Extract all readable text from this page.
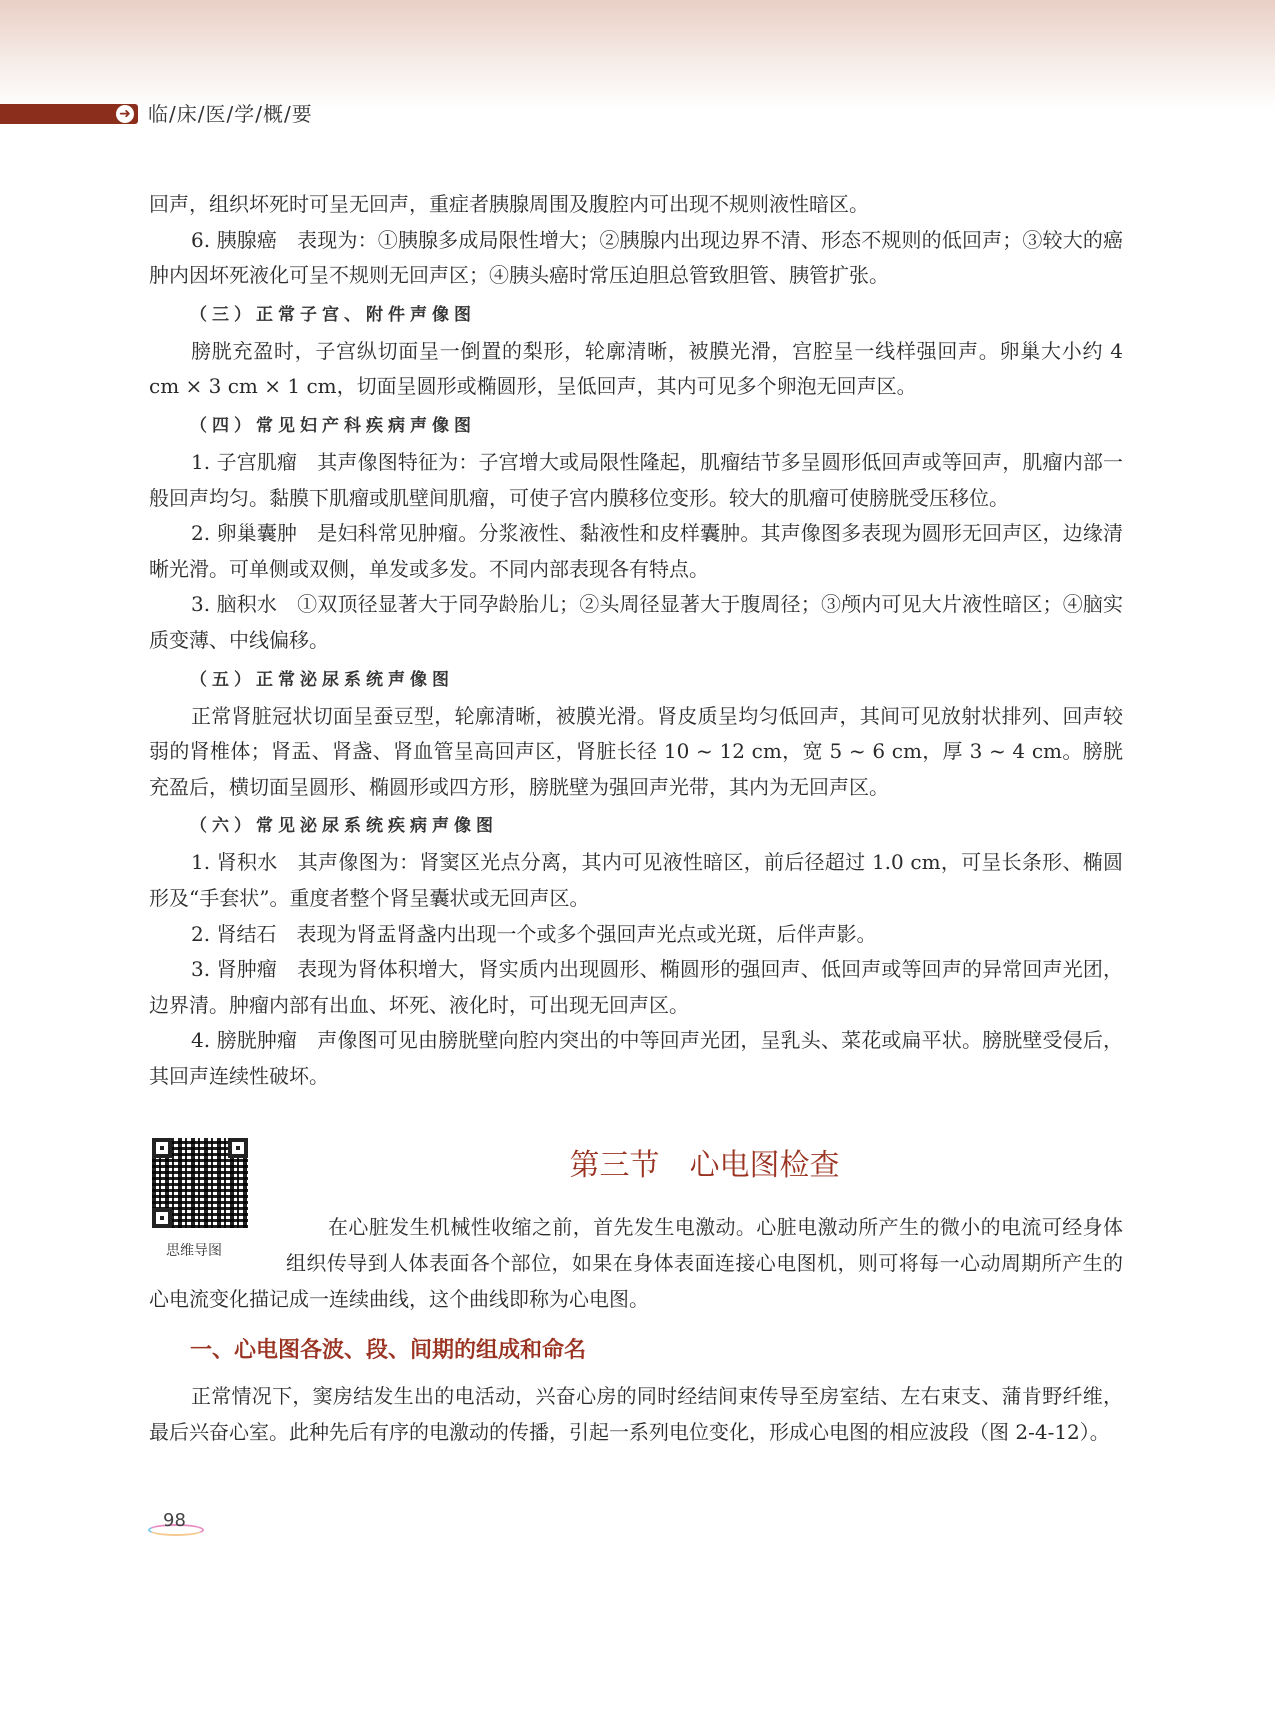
➜ 临/床/医/学/概/要

回声，组织坏死时可呈无回声，重症者胰腺周围及腹腔内可出现不规则液性暗区。

6. 胰腺癌　表现为：①胰腺多成局限性增大；②胰腺内出现边界不清、形态不规则的低回声；③较大的癌肿内因坏死液化可呈不规则无回声区；④胰头癌时常压迫胆总管致胆管、胰管扩张。

（三）正常子宫、附件声像图

膀胱充盈时，子宫纵切面呈一倒置的梨形，轮廓清晰，被膜光滑，宫腔呈一线样强回声。卵巢大小约 4 cm × 3 cm × 1 cm，切面呈圆形或椭圆形，呈低回声，其内可见多个卵泡无回声区。

（四）常见妇产科疾病声像图

1. 子宫肌瘤　其声像图特征为：子宫增大或局限性隆起，肌瘤结节多呈圆形低回声或等回声，肌瘤内部一般回声均匀。黏膜下肌瘤或肌壁间肌瘤，可使子宫内膜移位变形。较大的肌瘤可使膀胱受压移位。

2. 卵巢囊肿　是妇科常见肿瘤。分浆液性、黏液性和皮样囊肿。其声像图多表现为圆形无回声区，边缘清晰光滑。可单侧或双侧，单发或多发。不同内部表现各有特点。

3. 脑积水　①双顶径显著大于同孕龄胎儿；②头周径显著大于腹周径；③颅内可见大片液性暗区；④脑实质变薄、中线偏移。

（五）正常泌尿系统声像图

正常肾脏冠状切面呈蚕豆型，轮廓清晰，被膜光滑。肾皮质呈均匀低回声，其间可见放射状排列、回声较弱的肾椎体；肾盂、肾盏、肾血管呈高回声区，肾脏长径 10 ~ 12 cm，宽 5 ~ 6 cm，厚 3 ~ 4 cm。膀胱充盈后，横切面呈圆形、椭圆形或四方形，膀胱壁为强回声光带，其内为无回声区。

（六）常见泌尿系统疾病声像图

1. 肾积水　其声像图为：肾窦区光点分离，其内可见液性暗区，前后径超过 1.0 cm，可呈长条形、椭圆形及“手套状”。重度者整个肾呈囊状或无回声区。

2. 肾结石　表现为肾盂肾盏内出现一个或多个强回声光点或光斑，后伴声影。

3. 肾肿瘤　表现为肾体积增大，肾实质内出现圆形、椭圆形的强回声、低回声或等回声的异常回声光团，边界清。肿瘤内部有出血、坏死、液化时，可出现无回声区。

4. 膀胱肿瘤　声像图可见由膀胱壁向腔内突出的中等回声光团，呈乳头、菜花或扁平状。膀胱壁受侵后，其回声连续性破坏。

思维导图
第三节　心电图检查

在心脏发生机械性收缩之前，首先发生电激动。心脏电激动所产生的微小的电流可经身体组织传导到人体表面各个部位，如果在身体表面连接心电图机，则可将每一心动周期所产生的心电流变化描记成一连续曲线，这个曲线即称为心电图。

一、心电图各波、段、间期的组成和命名

正常情况下，窦房结发生出的电活动，兴奋心房的同时经结间束传导至房室结、左右束支、蒲肯野纤维，最后兴奋心室。此种先后有序的电激动的传播，引起一系列电位变化，形成心电图的相应波段（图 2-4-12）。

98
